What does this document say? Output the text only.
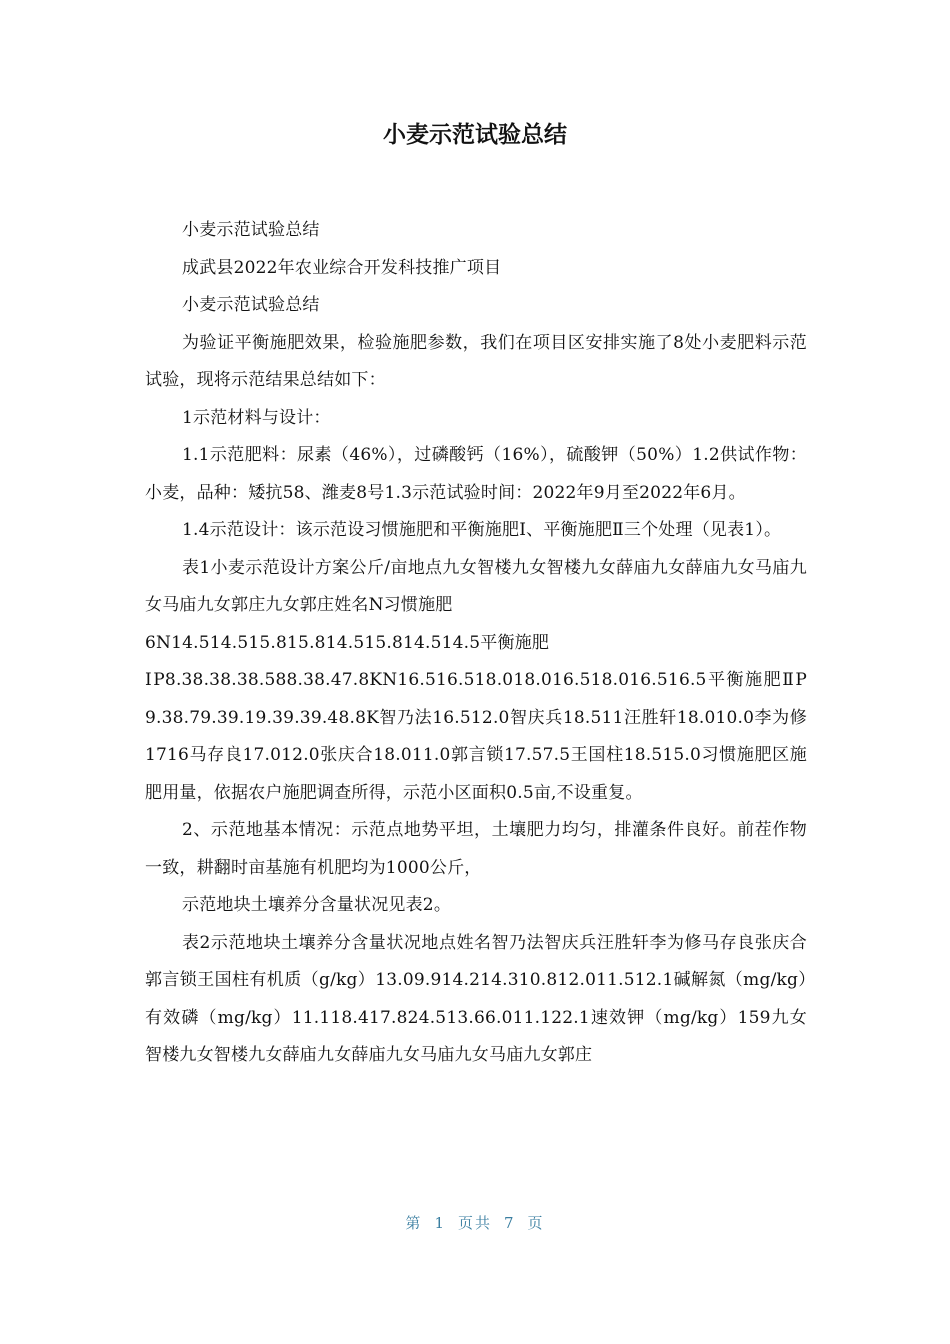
小麦示范试验总结

小麦示范试验总结

成武县2022年农业综合开发科技推广项目

小麦示范试验总结

为验证平衡施肥效果，检验施肥参数，我们在项目区安排实施了8处小麦肥料示范试验，现将示范结果总结如下：

1示范材料与设计：

1.1示范肥料：尿素（46%），过磷酸钙（16%），硫酸钾（50%）1.2供试作物：小麦，品种：矮抗58、潍麦8号1.3示范试验时间：2022年9月至2022年6月。

1.4示范设计：该示范设习惯施肥和平衡施肥Ⅰ、平衡施肥Ⅱ三个处理（见表1）。

表1小麦示范设计方案公斤/亩地点九女智楼九女智楼九女薛庙九女薛庙九女马庙九女马庙九女郭庄九女郭庄姓名N习惯施肥

6N14.514.515.815.814.515.814.514.5平衡施肥

ⅠP8.38.38.38.588.38.47.8KN16.516.518.018.016.518.016.516.5平衡施肥ⅡP9.38.79.39.19.39.39.48.8K智乃法16.512.0智庆兵18.511汪胜轩18.010.0李为修1716马存良17.012.0张庆合18.011.0郭言锁17.57.5王国柱18.515.0习惯施肥区施肥用量，依据农户施肥调查所得，示范小区面积0.5亩,不设重复。

2、示范地基本情况：示范点地势平坦，土壤肥力均匀，排灌条件良好。前茬作物一致，耕翻时亩基施有机肥均为1000公斤，

示范地块土壤养分含量状况见表2。

表2示范地块土壤养分含量状况地点姓名智乃法智庆兵汪胜轩李为修马存良张庆合郭言锁王国柱有机质（g/kg）13.09.914.214.310.812.011.512.1碱解氮（mg/kg）有效磷（mg/kg）11.118.417.824.513.66.011.122.1速效钾（mg/kg）159九女智楼九女智楼九女薛庙九女薛庙九女马庙九女马庙九女郭庄

第 1 页共 7 页
